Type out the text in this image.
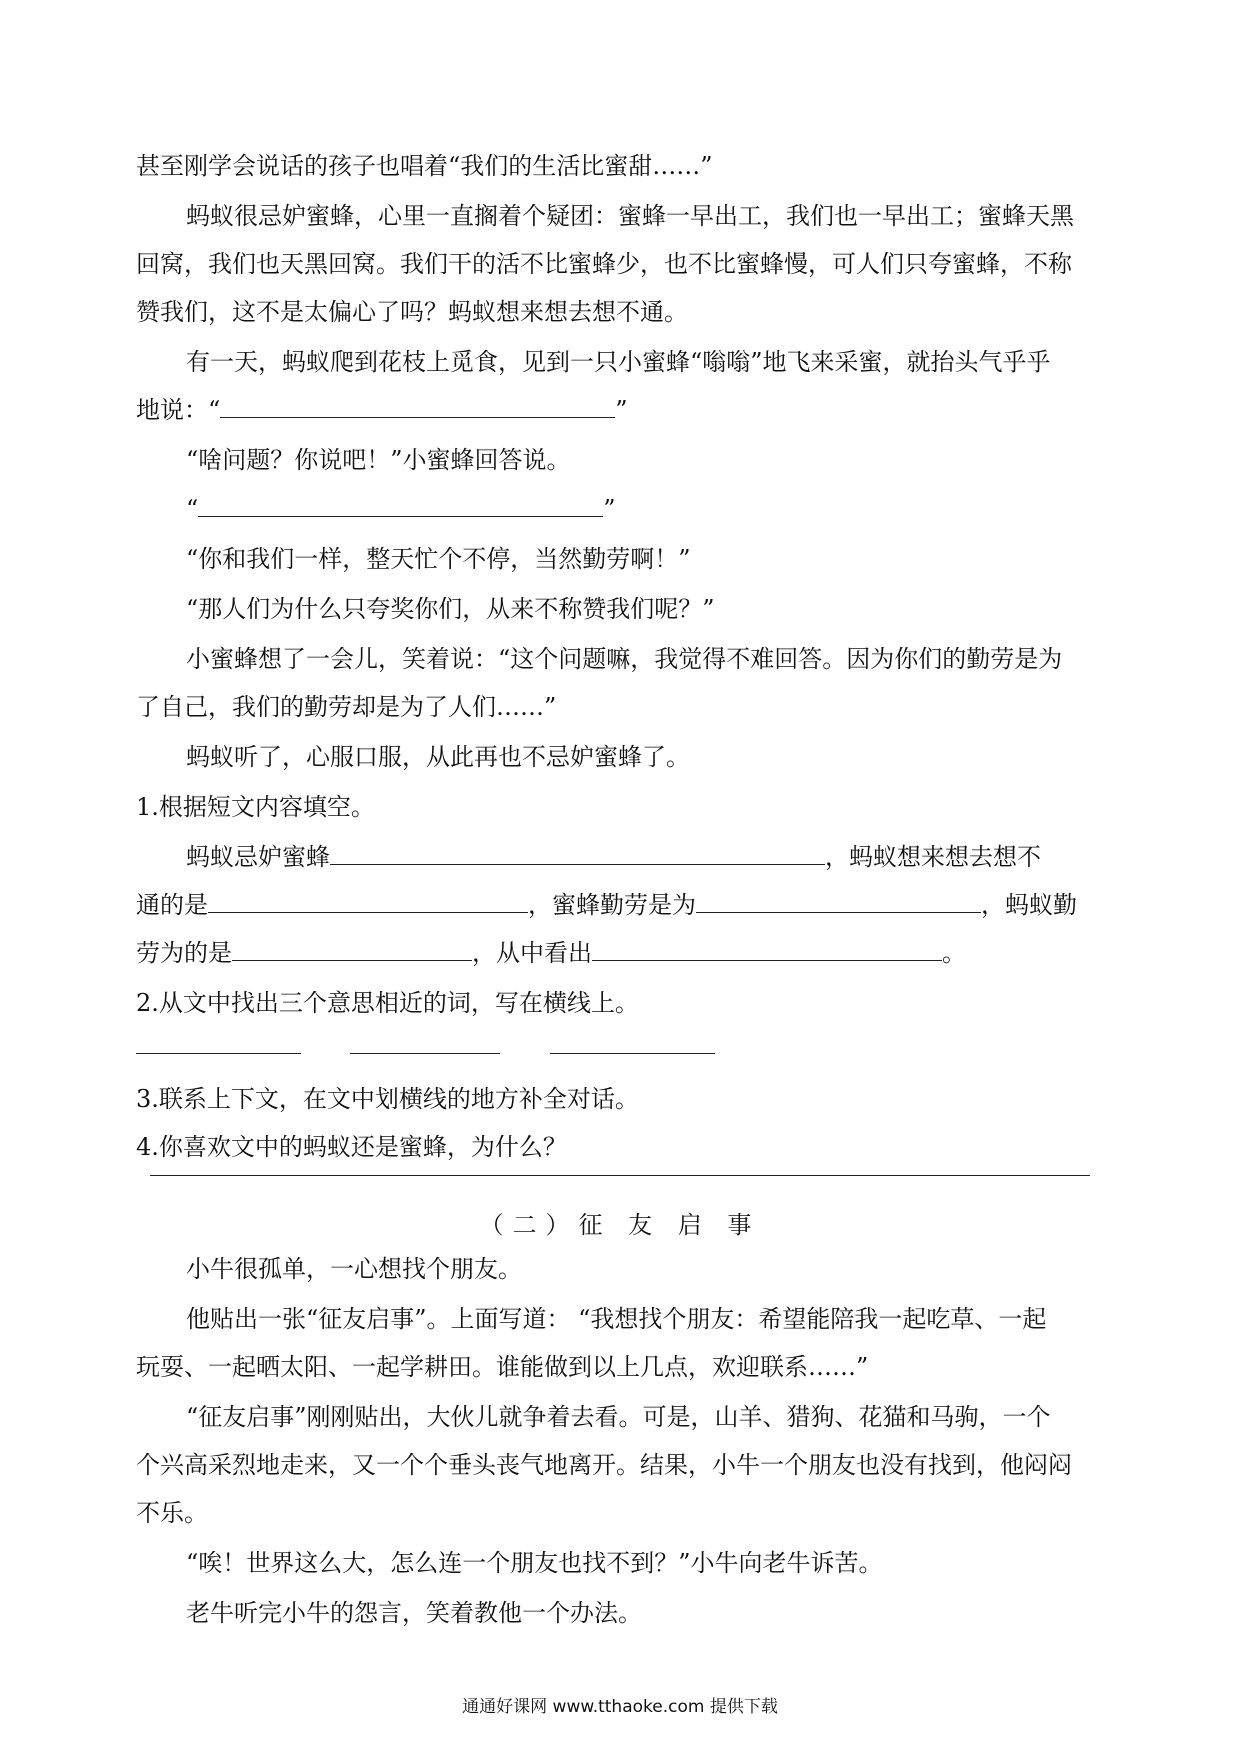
甚至刚学会说话的孩子也唱着“我们的生活比蜜甜……”
蚂蚁很忌妒蜜蜂，心里一直搁着个疑团：蜜蜂一早出工，我们也一早出工；蜜蜂天黑
回窝，我们也天黑回窝。我们干的活不比蜜蜂少，也不比蜜蜂慢，可人们只夸蜜蜂，不称
赞我们，这不是太偏心了吗？蚂蚁想来想去想不通。
有一天，蚂蚁爬到花枝上觅食，见到一只小蜜蜂“嗡嗡”地飞来采蜜，就抬头气乎乎
地说：“	”
“啥问题？你说吧！”小蜜蜂回答说。
“	”
“你和我们一样，整天忙个不停，当然勤劳啊！”
“那人们为什么只夸奖你们，从来不称赞我们呢？”
小蜜蜂想了一会儿，笑着说：“这个问题嘛，我觉得不难回答。因为你们的勤劳是为
了自己，我们的勤劳却是为了人们……”
蚂蚁听了，心服口服，从此再也不忌妒蜜蜂了。
1.根据短文内容填空。
蚂蚁忌妒蜜蜂	，蚂蚁想来想去想不
通的是	，蜜蜂勤劳是为	，蚂蚁勤
劳为的是	，从中看出	。
2.从文中找出三个意思相近的词，写在横线上。
3.联系上下文，在文中划横线的地方补全对话。
4.你喜欢文中的蚂蚁还是蜜蜂，为什么？
（二）征 友 启 事
小牛很孤单，一心想找个朋友。
他贴出一张“征友启事”。上面写道： “我想找个朋友：希望能陪我一起吃草、一起
玩耍、一起晒太阳、一起学耕田。谁能做到以上几点，欢迎联系……”
“征友启事”刚刚贴出，大伙儿就争着去看。可是，山羊、猎狗、花猫和马驹，一个
个兴高采烈地走来，又一个个垂头丧气地离开。结果，小牛一个朋友也没有找到，他闷闷
不乐。
“唉！世界这么大，怎么连一个朋友也找不到？”小牛向老牛诉苦。
老牛听完小牛的怨言，笑着教他一个办法。
通通好课网 www.tthaoke.com 提供下载
